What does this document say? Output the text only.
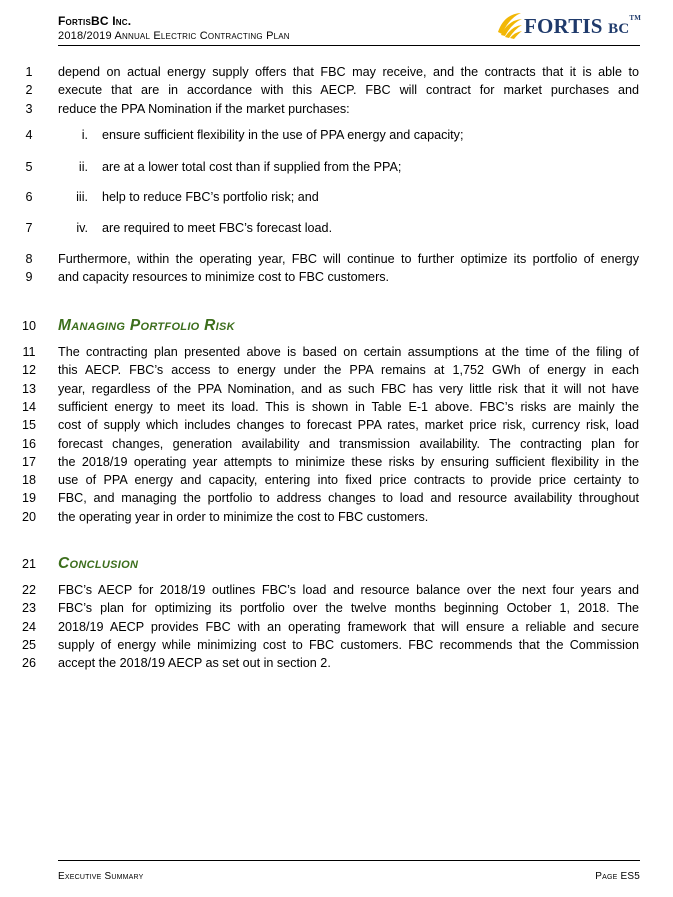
FortisBC Inc.
2018/2019 Annual Electric Contracting Plan	FORTIS BC™
1 depend on actual energy supply offers that FBC may receive, and the contracts that it is able to
2 execute that are in accordance with this AECP. FBC will contract for market purchases and
3 reduce the PPA Nomination if the market purchases:
4	i. ensure sufficient flexibility in the use of PPA energy and capacity;
5	ii. are at a lower total cost than if supplied from the PPA;
6	iii. help to reduce FBC’s portfolio risk; and
7	iv. are required to meet FBC’s forecast load.
8 Furthermore, within the operating year, FBC will continue to further optimize its portfolio of energy
9 and capacity resources to minimize cost to FBC customers.
10 Managing Portfolio Risk
11 The contracting plan presented above is based on certain assumptions at the time of the filing of
12 this AECP. FBC’s access to energy under the PPA remains at 1,752 GWh of energy in each
13 year, regardless of the PPA Nomination, and as such FBC has very little risk that it will not have
14 sufficient energy to meet its load. This is shown in Table E-1 above. FBC’s risks are mainly the
15 cost of supply which includes changes to forecast PPA rates, market price risk, currency risk, load
16 forecast changes, generation availability and transmission availability. The contracting plan for
17 the 2018/19 operating year attempts to minimize these risks by ensuring sufficient flexibility in the
18 use of PPA energy and capacity, entering into fixed price contracts to provide price certainty to
19 FBC, and managing the portfolio to address changes to load and resource availability throughout
20 the operating year in order to minimize the cost to FBC customers.
21 Conclusion
22 FBC’s AECP for 2018/19 outlines FBC’s load and resource balance over the next four years and
23 FBC’s plan for optimizing its portfolio over the twelve months beginning October 1, 2018. The
24 2018/19 AECP provides FBC with an operating framework that will ensure a reliable and secure
25 supply of energy while minimizing cost to FBC customers. FBC recommends that the Commission
26 accept the 2018/19 AECP as set out in section 2.
Executive Summary	Page ES5
